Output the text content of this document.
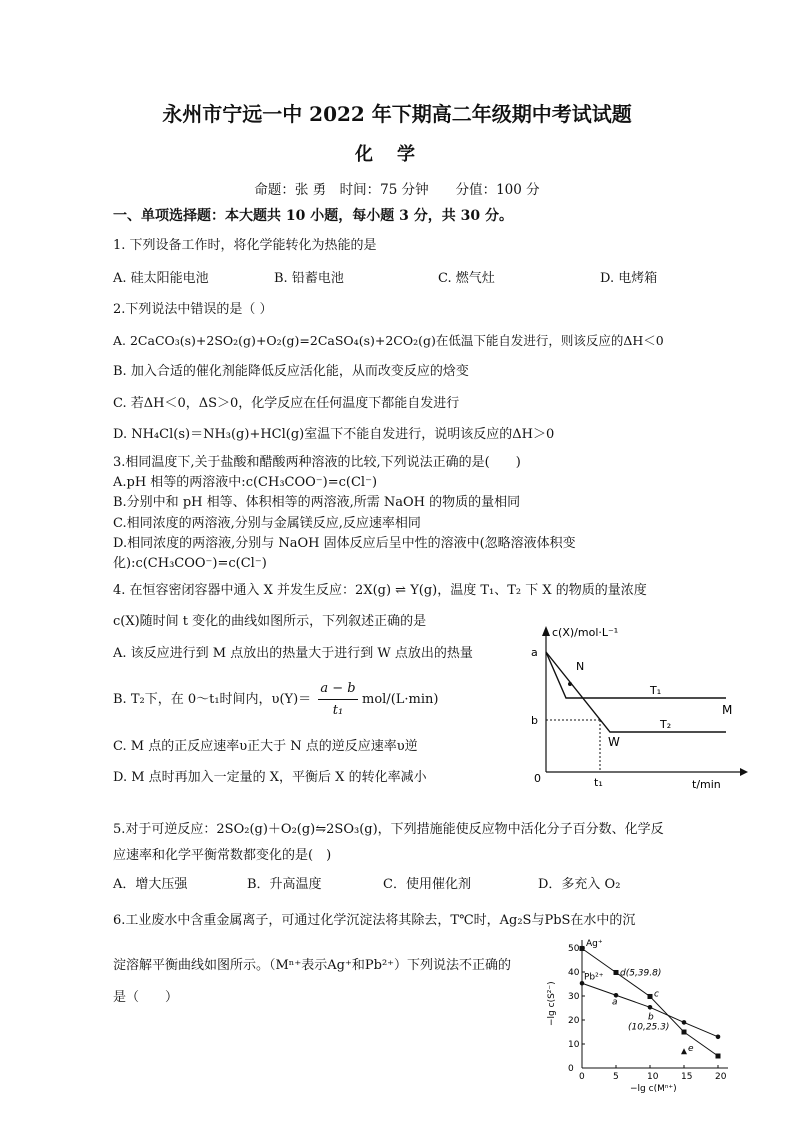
永州市宁远一中 2022 年下期高二年级期中考试试题
化学
命题：张 勇　时间：75 分钟　　分值：100 分
一、单项选择题：本大题共 10 小题，每小题 3 分，共 30 分。
1. 下列设备工作时，将化学能转化为热能的是
A. 硅太阳能电池	B. 铅蓄电池	C. 燃气灶	D. 电烤箱
2.下列说法中错误的是（ ）
A. 2CaCO₃(s)+2SO₂(g)+O₂(g)=2CaSO₄(s)+2CO₂(g)在低温下能自发进行，则该反应的ΔH＜0
B. 加入合适的催化剂能降低反应活化能，从而改变反应的焓变
C. 若ΔH＜0，ΔS＞0，化学反应在任何温度下都能自发进行
D. NH₄Cl(s)＝NH₃(g)+HCl(g)室温下不能自发进行，说明该反应的ΔH＞0
3.相同温度下,关于盐酸和醋酸两种溶液的比较,下列说法正确的是(　　)
A.pH 相等的两溶液中:c(CH₃COO⁻)=c(Cl⁻)
B.分别中和 pH 相等、体积相等的两溶液,所需 NaOH 的物质的量相同
C.相同浓度的两溶液,分别与金属镁反应,反应速率相同
D.相同浓度的两溶液,分别与 NaOH 固体反应后呈中性的溶液中(忽略溶液体积变
化):c(CH₃COO⁻)=c(Cl⁻)
4. 在恒容密闭容器中通入 X 并发生反应：2X(g) ⇌ Y(g)，温度 T₁、T₂ 下 X 的物质的量浓度
c(X)随时间 t 变化的曲线如图所示，下列叙述正确的是
A. 该反应进行到 M 点放出的热量大于进行到 W 点放出的热量
B. T₂下，在 0～t₁时间内，υ(Y)＝
a − b
t₁
mol/(L·min)
C. M 点的正反应速率υ正大于 N 点的逆反应速率υ逆
D. M 点时再加入一定量的 X，平衡后 X 的转化率减小
c(X)/mol·L⁻¹
t/min
a
b
0	t₁
N
M
W
T₁
T₂
5.对于可逆反应：2SO₂(g)＋O₂(g)⇋2SO₃(g)，下列措施能使反应物中活化分子百分数、化学反
应速率和化学平衡常数都变化的是(　)
A．增大压强	B．升高温度	C．使用催化剂	D．多充入 O₂
6.工业废水中含重金属离子，可通过化学沉淀法将其除去，T℃时，Ag₂S与PbS在水中的沉
淀溶解平衡曲线如图所示。（Mⁿ⁺表示Ag⁺和Pb²⁺）下列说法不正确的
是（　　）	−lg c(S²⁻)
−lg c(Mⁿ⁺)
0	5	10	15	20
0
10
20
30
40
50 Ag⁺
Pb²⁺ d(5,39.8)
c
a
b
(10,25.3)
e
